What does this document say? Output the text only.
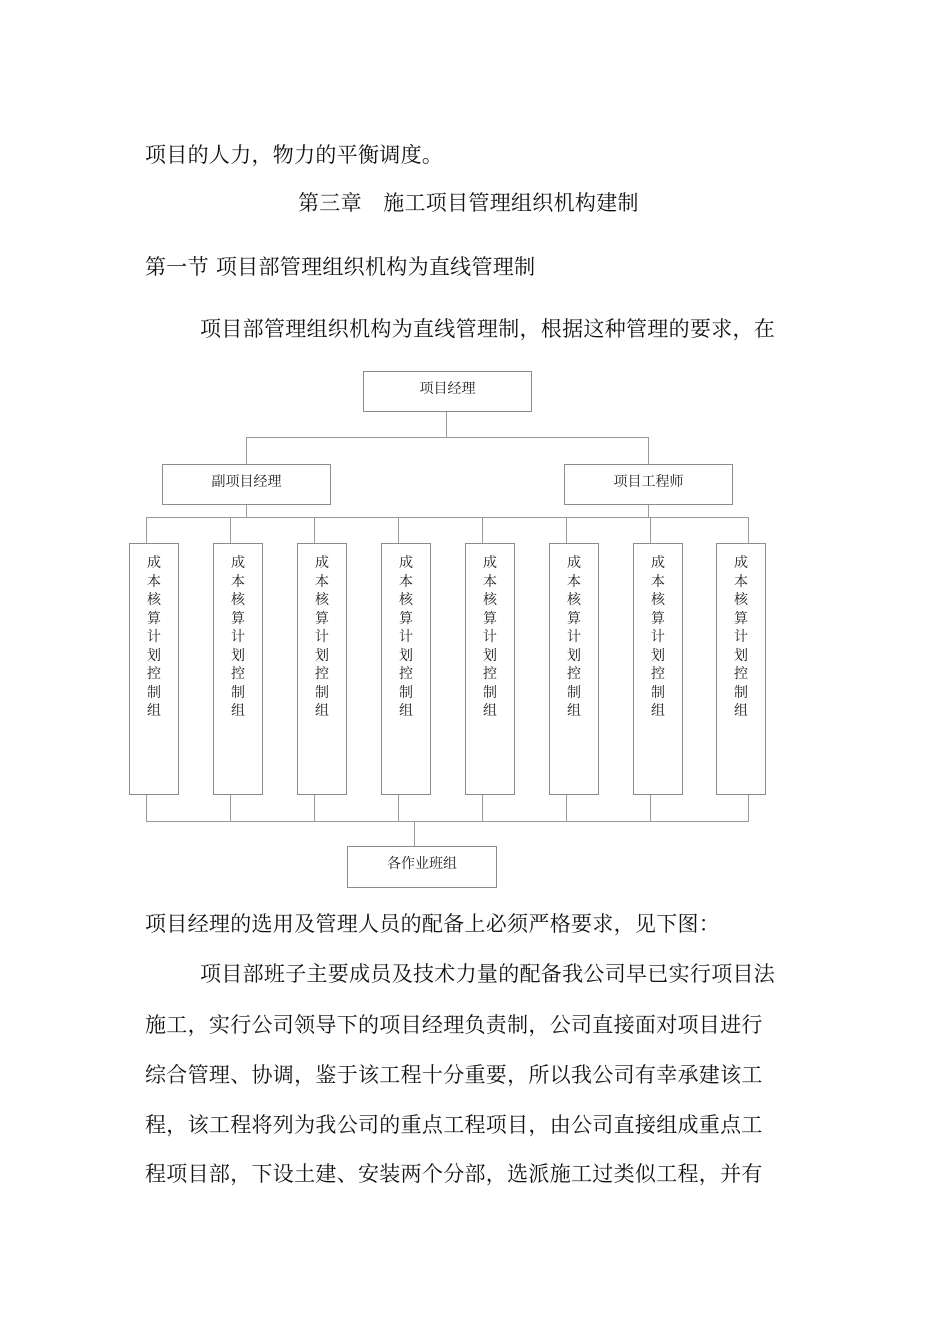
项目的人力，物力的平衡调度。
第三章　施工项目管理组织机构建制
第一节 项目部管理组织机构为直线管理制
项目部管理组织机构为直线管理制，根据这种管理的要求，在
项目经理
副项目经理	项目工程师
成本核算计划控制组
成本核算计划控制组
成本核算计划控制组
成本核算计划控制组
成本核算计划控制组
成本核算计划控制组
成本核算计划控制组
成本核算计划控制组
各作业班组
项目经理的选用及管理人员的配备上必须严格要求，见下图：
项目部班子主要成员及技术力量的配备我公司早已实行项目法
施工，实行公司领导下的项目经理负责制，公司直接面对项目进行
综合管理、协调，鉴于该工程十分重要，所以我公司有幸承建该工
程，该工程将列为我公司的重点工程项目，由公司直接组成重点工
程项目部，下设土建、安装两个分部，选派施工过类似工程，并有
